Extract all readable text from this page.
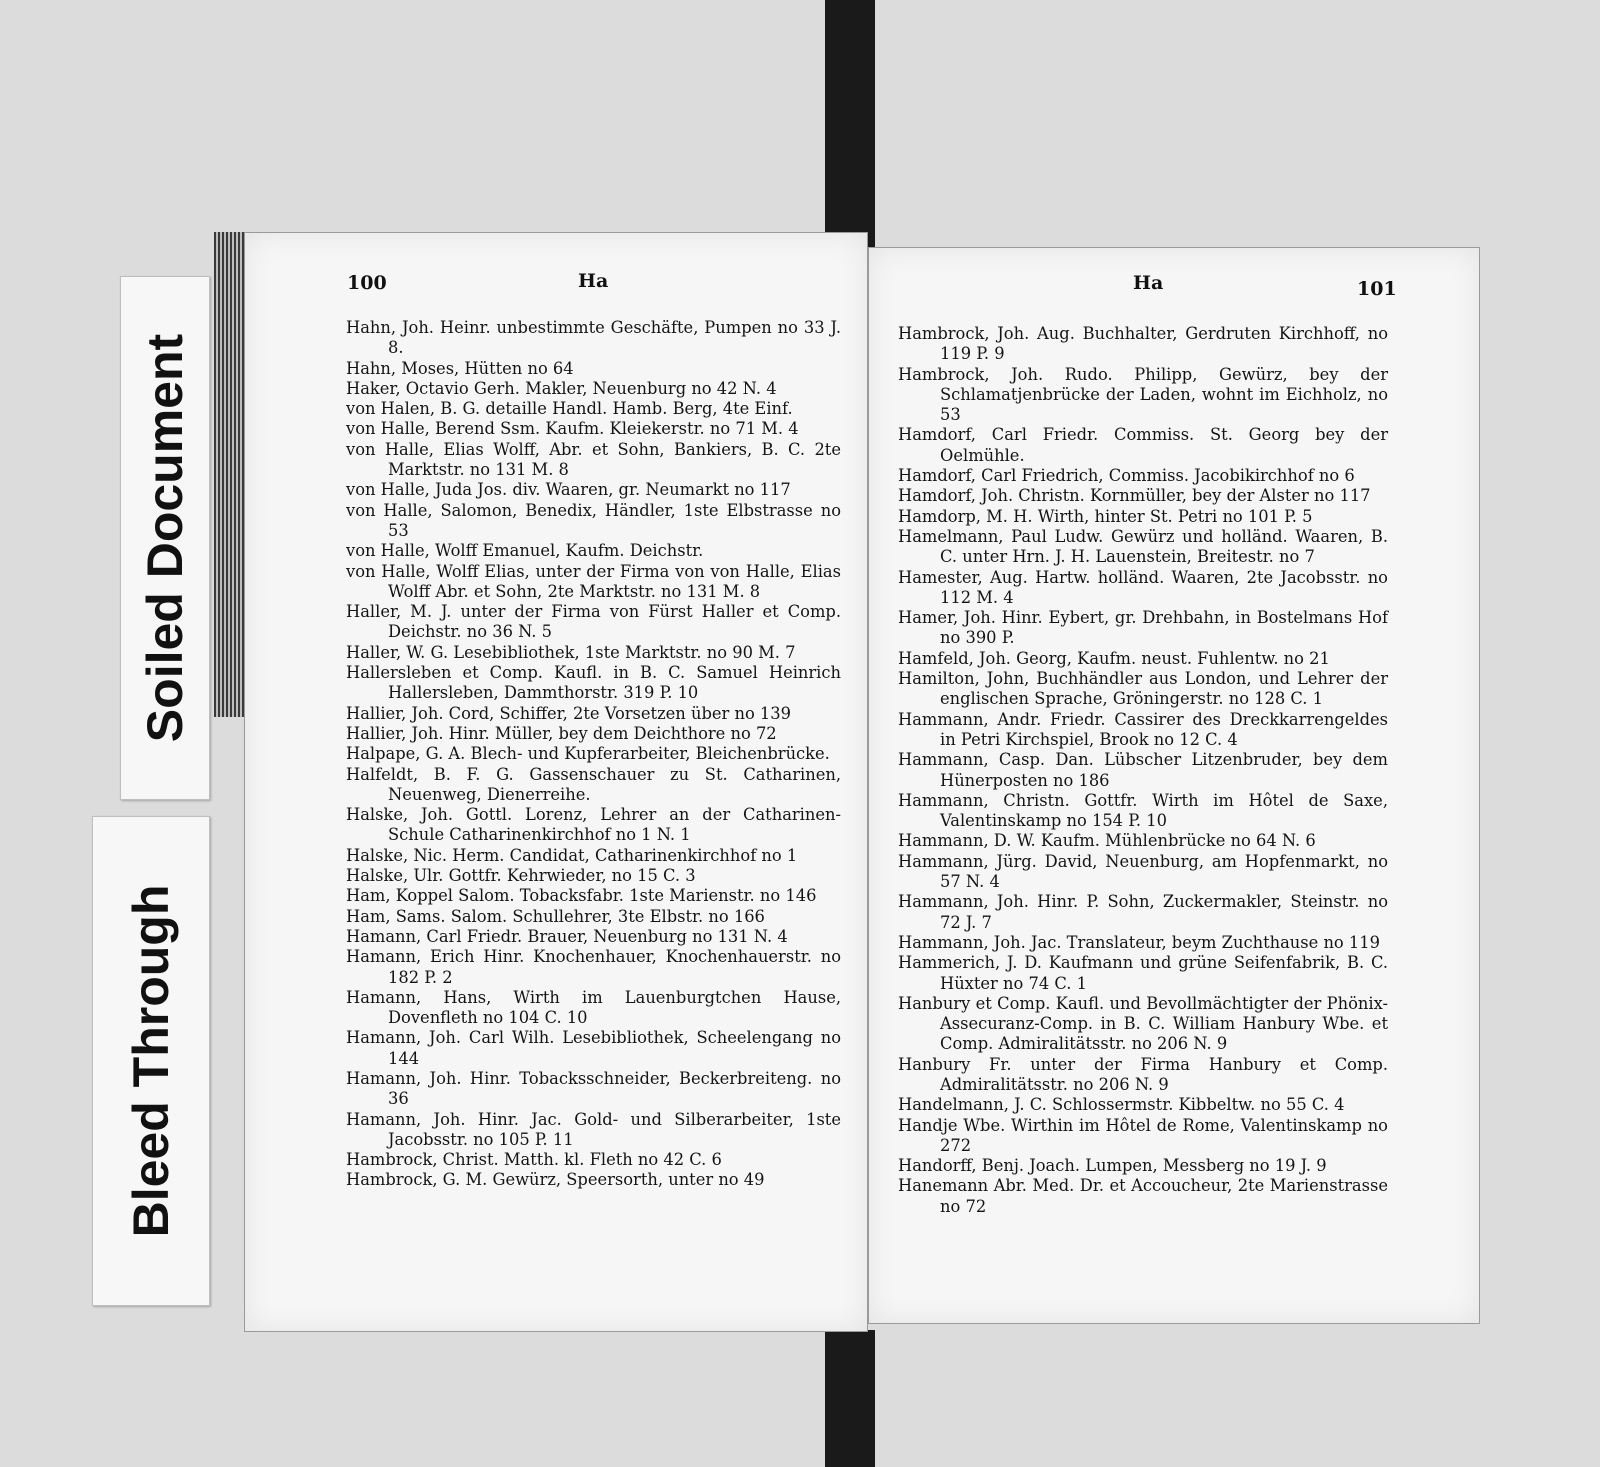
Soiled Document
Bleed Through
100	Ha	Ha	101
Hahn, Joh. Heinr. unbestimmte Geschäfte, Pumpen no 33 J. 8.
Hahn, Moses, Hütten no 64
Haker, Octavio Gerh. Makler, Neuenburg no 42 N. 4
von Halen, B. G. detaille Handl. Hamb. Berg, 4te Einf.
von Halle, Berend Ssm. Kaufm. Kleiekerstr. no 71 M. 4
von Halle, Elias Wolff, Abr. et Sohn, Bankiers, B. C. 2te Marktstr. no 131 M. 8
von Halle, Juda Jos. div. Waaren, gr. Neumarkt no 117
von Halle, Salomon, Benedix, Händler, 1ste Elbstrasse no 53
von Halle, Wolff Emanuel, Kaufm. Deichstr.
von Halle, Wolff Elias, unter der Firma von von Halle, Elias Wolff Abr. et Sohn, 2te Marktstr. no 131 M. 8
Haller, M. J. unter der Firma von Fürst Haller et Comp. Deichstr. no 36 N. 5
Haller, W. G. Lesebibliothek, 1ste Marktstr. no 90 M. 7
Hallersleben et Comp. Kaufl. in B. C. Samuel Heinrich Hallersleben, Dammthorstr. 319 P. 10
Hallier, Joh. Cord, Schiffer, 2te Vorsetzen über no 139
Hallier, Joh. Hinr. Müller, bey dem Deichthore no 72
Halpape, G. A. Blech- und Kupferarbeiter, Bleichenbrücke.
Halfeldt, B. F. G. Gassenschauer zu St. Catharinen, Neuenweg, Dienerreihe.
Halske, Joh. Gottl. Lorenz, Lehrer an der Catharinen-Schule Catharinenkirchhof no 1 N. 1
Halske, Nic. Herm. Candidat, Catharinenkirchhof no 1
Halske, Ulr. Gottfr. Kehrwieder, no 15 C. 3
Ham, Koppel Salom. Tobacksfabr. 1ste Marienstr. no 146
Ham, Sams. Salom. Schullehrer, 3te Elbstr. no 166
Hamann, Carl Friedr. Brauer, Neuenburg no 131 N. 4
Hamann, Erich Hinr. Knochenhauer, Knochenhauerstr. no 182 P. 2
Hamann, Hans, Wirth im Lauenburgtchen Hause, Dovenfleth no 104 C. 10
Hamann, Joh. Carl Wilh. Lesebibliothek, Scheelengang no 144
Hamann, Joh. Hinr. Tobacksschneider, Beckerbreiteng. no 36
Hamann, Joh. Hinr. Jac. Gold- und Silberarbeiter, 1ste Jacobsstr. no 105 P. 11
Hambrock, Christ. Matth. kl. Fleth no 42 C. 6
Hambrock, G. M. Gewürz, Speersorth, unter no 49
Hambrock, Joh. Aug. Buchhalter, Gerdruten Kirchhoff, no 119 P. 9
Hambrock, Joh. Rudo. Philipp, Gewürz, bey der Schlamatjenbrücke der Laden, wohnt im Eichholz, no 53
Hamdorf, Carl Friedr. Commiss. St. Georg bey der Oelmühle.
Hamdorf, Carl Friedrich, Commiss. Jacobikirchhof no 6
Hamdorf, Joh. Christn. Kornmüller, bey der Alster no 117
Hamdorp, M. H. Wirth, hinter St. Petri no 101 P. 5
Hamelmann, Paul Ludw. Gewürz und holländ. Waaren, B. C. unter Hrn. J. H. Lauenstein, Breitestr. no 7
Hamester, Aug. Hartw. holländ. Waaren, 2te Jacobsstr. no 112 M. 4
Hamer, Joh. Hinr. Eybert, gr. Drehbahn, in Bostelmans Hof no 390 P.
Hamfeld, Joh. Georg, Kaufm. neust. Fuhlentw. no 21
Hamilton, John, Buchhändler aus London, und Lehrer der englischen Sprache, Gröningerstr. no 128 C. 1
Hammann, Andr. Friedr. Cassirer des Dreckkarrengeldes in Petri Kirchspiel, Brook no 12 C. 4
Hammann, Casp. Dan. Lübscher Litzenbruder, bey dem Hünerposten no 186
Hammann, Christn. Gottfr. Wirth im Hôtel de Saxe, Valentinskamp no 154 P. 10
Hammann, D. W. Kaufm. Mühlenbrücke no 64 N. 6
Hammann, Jürg. David, Neuenburg, am Hopfenmarkt, no 57 N. 4
Hammann, Joh. Hinr. P. Sohn, Zuckermakler, Steinstr. no 72 J. 7
Hammann, Joh. Jac. Translateur, beym Zuchthause no 119
Hammerich, J. D. Kaufmann und grüne Seifenfabrik, B. C. Hüxter no 74 C. 1
Hanbury et Comp. Kaufl. und Bevollmächtigter der Phönix-Assecuranz-Comp. in B. C. William Hanbury Wbe. et Comp. Admiralitätsstr. no 206 N. 9
Hanbury Fr. unter der Firma Hanbury et Comp. Admiralitätsstr. no 206 N. 9
Handelmann, J. C. Schlossermstr. Kibbeltw. no 55 C. 4
Handje Wbe. Wirthin im Hôtel de Rome, Valentinskamp no 272
Handorff, Benj. Joach. Lumpen, Messberg no 19 J. 9
Hanemann Abr. Med. Dr. et Accoucheur, 2te Marienstrasse no 72
